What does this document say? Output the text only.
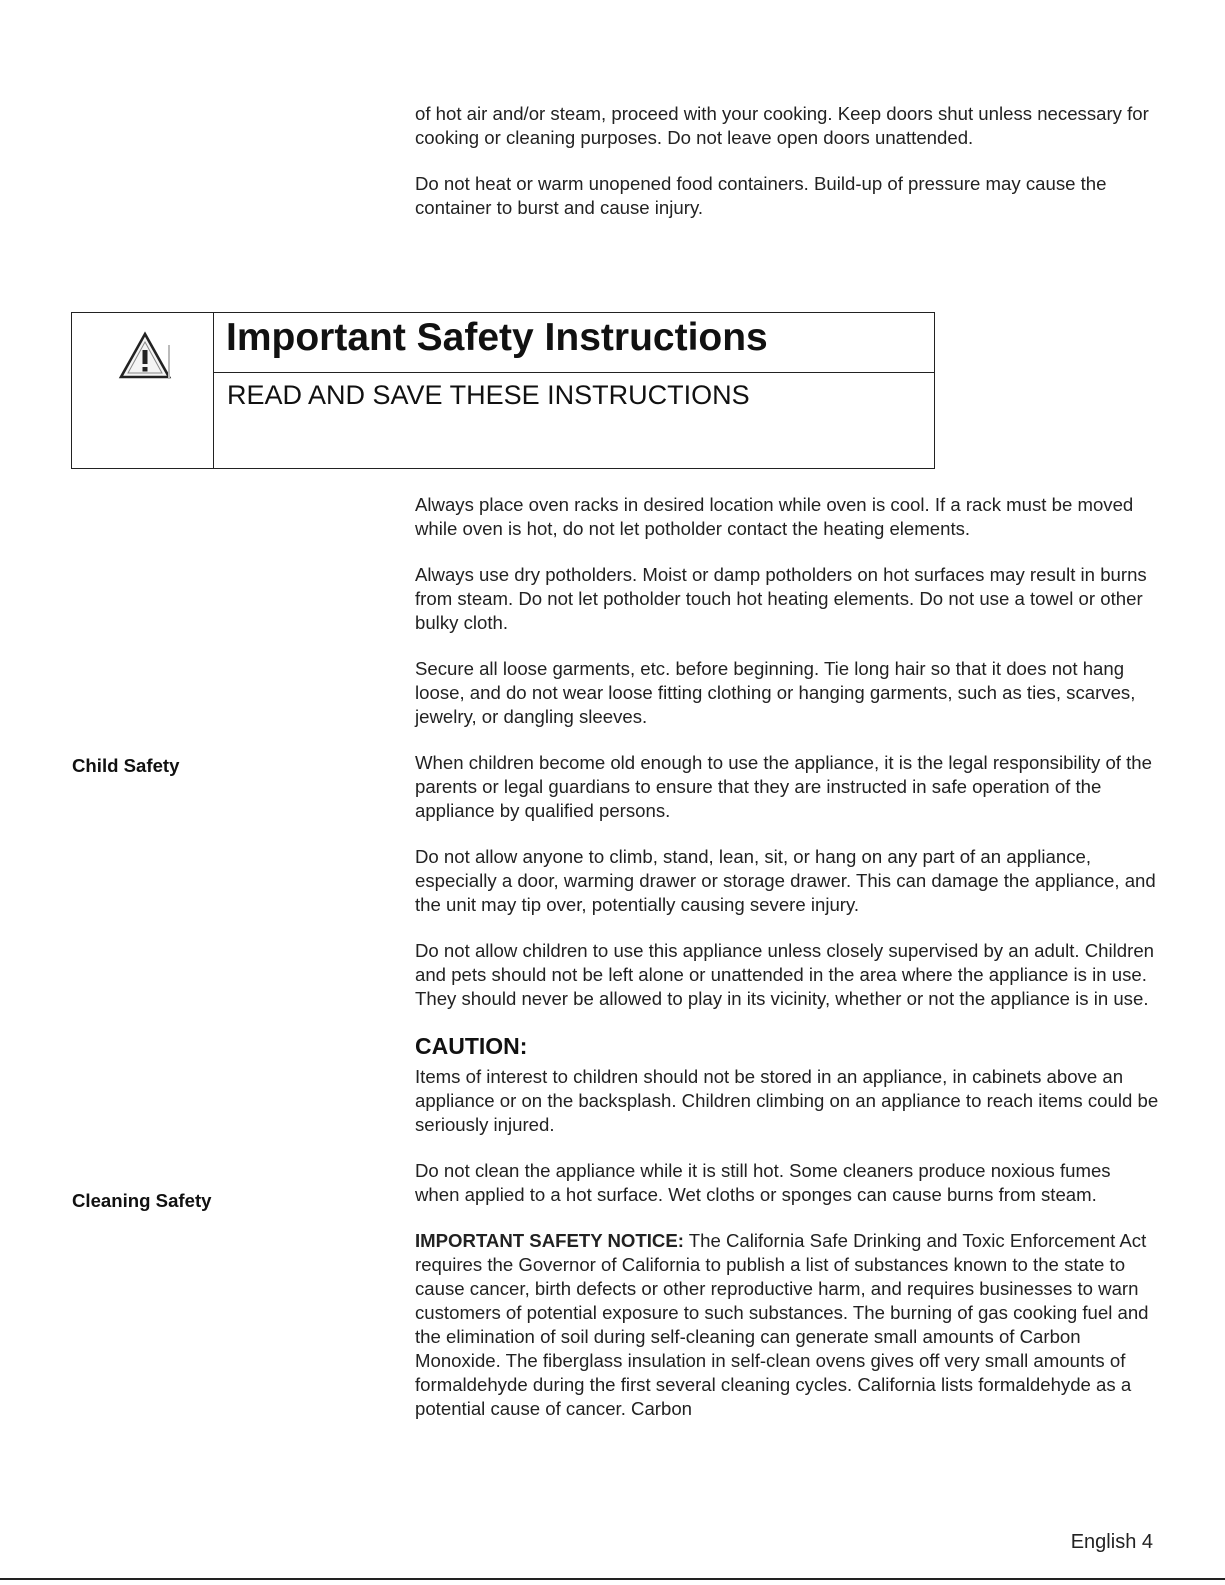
of hot air and/or steam, proceed with your cooking. Keep doors shut unless necessary for cooking or cleaning purposes. Do not leave open doors unattended.

Do not heat or warm unopened food containers. Build-up of pressure may cause the container to burst and cause injury.

Important Safety Instructions
READ AND SAVE THESE INSTRUCTIONS
Child Safety
Cleaning Safety

Always place oven racks in desired location while oven is cool. If a rack must be moved while oven is hot, do not let potholder contact the heating elements.

Always use dry potholders. Moist or damp potholders on hot surfaces may result in burns from steam. Do not let potholder touch hot heating elements. Do not use a towel or other bulky cloth.

Secure all loose garments, etc. before beginning. Tie long hair so that it does not hang loose, and do not wear loose fitting clothing or hanging garments, such as ties, scarves, jewelry, or dangling sleeves.

When children become old enough to use the appliance, it is the legal responsibility of the parents or legal guardians to ensure that they are instructed in safe operation of the appliance by qualified persons.

Do not allow anyone to climb, stand, lean, sit, or hang on any part of an appliance, especially a door, warming drawer or storage drawer. This can damage the appliance, and the unit may tip over, potentially causing severe injury.

Do not allow children to use this appliance unless closely supervised by an adult. Children and pets should not be left alone or unattended in the area where the appliance is in use. They should never be allowed to play in its vicinity, whether or not the appliance is in use.

CAUTION:

Items of interest to children should not be stored in an appliance, in cabinets above an appliance or on the backsplash. Children climbing on an appliance to reach items could be seriously injured.

Do not clean the appliance while it is still hot. Some cleaners produce noxious fumes when applied to a hot surface. Wet cloths or sponges can cause burns from steam.

IMPORTANT SAFETY NOTICE: The California Safe Drinking and Toxic Enforcement Act requires the Governor of California to publish a list of substances known to the state to cause cancer, birth defects or other reproductive harm, and requires businesses to warn customers of potential exposure to such substances. The burning of gas cooking fuel and the elimination of soil during self-cleaning can generate small amounts of Carbon Monoxide. The fiberglass insulation in self-clean ovens gives off very small amounts of formaldehyde during the first several cleaning cycles. California lists formaldehyde as a potential cause of cancer. Carbon

English 4
